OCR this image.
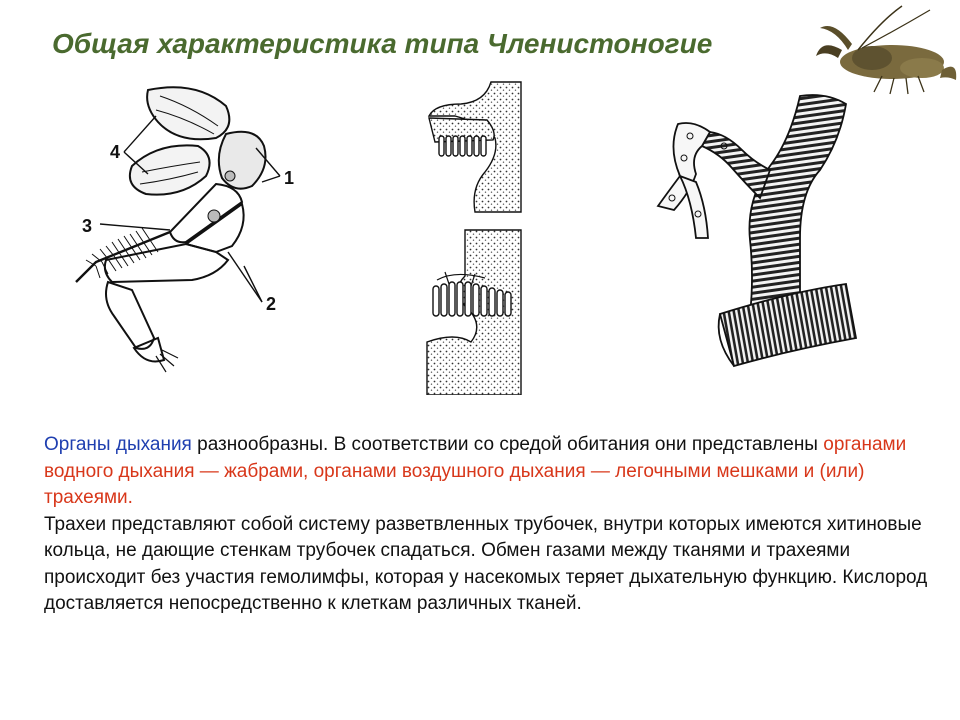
Общая характеристика типа Членистоногие
4
1
3
2

Органы дыхания разнообразны. В соответствии со средой обитания они представлены органами водного дыхания — жабрами, органами воздушного дыхания — легочными мешками и (или) трахеями.

Трахеи представляют собой систему разветвленных трубочек, внутри которых имеются хитиновые кольца, не дающие стенкам трубочек спадаться. Обмен газами между тканями и трахеями происходит без участия гемолимфы, которая у насекомых теряет дыхательную функцию. Кислород доставляется непосредственно к клеткам различных тканей.
